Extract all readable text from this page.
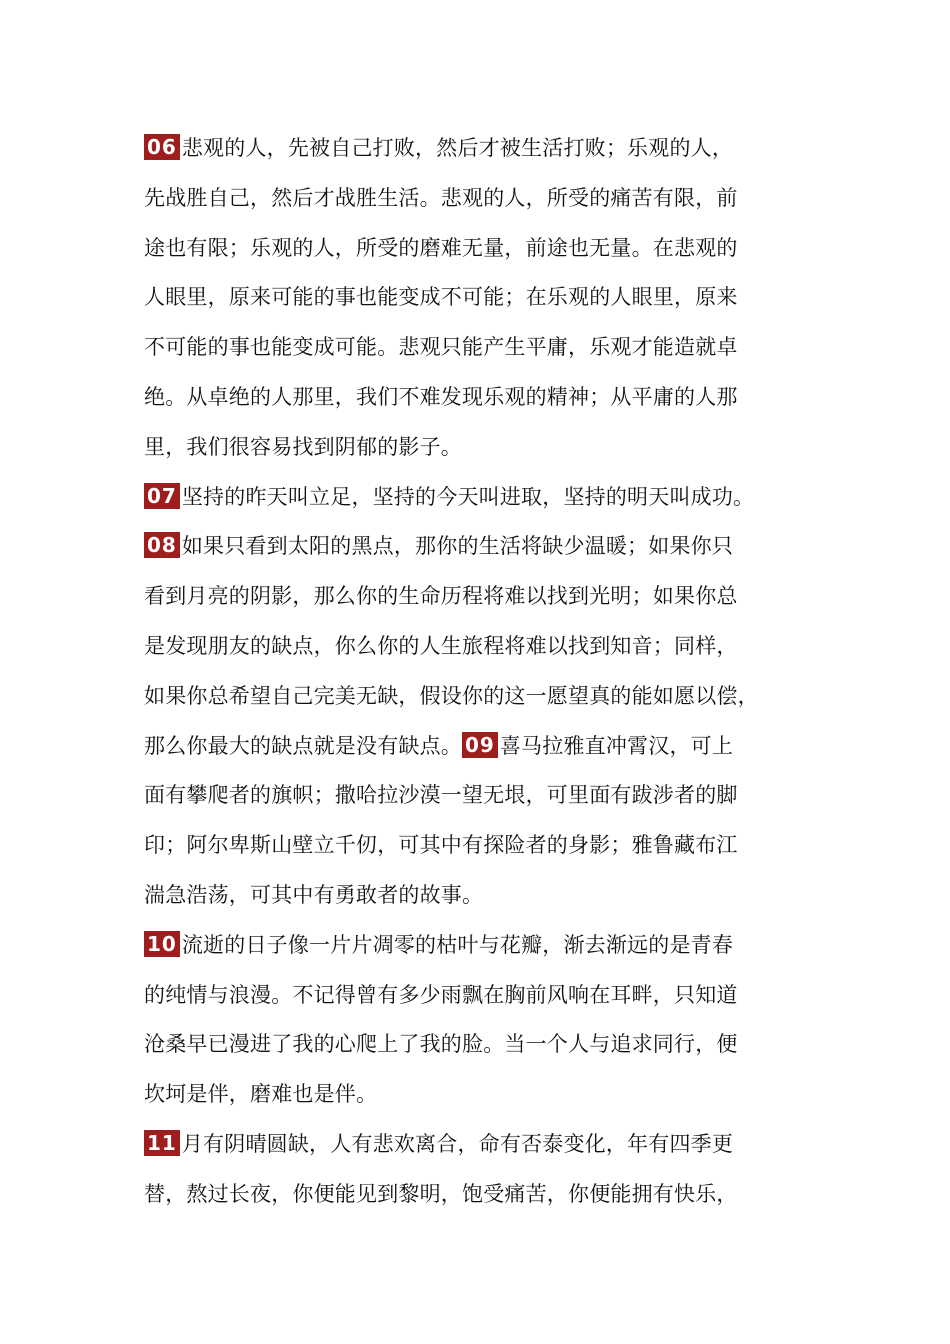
06 悲观的人，先被自己打败，然后才被生活打败；乐观的人，
先战胜自己，然后才战胜生活。悲观的人，所受的痛苦有限，前
途也有限；乐观的人，所受的磨难无量，前途也无量。在悲观的
人眼里，原来可能的事也能变成不可能；在乐观的人眼里，原来
不可能的事也能变成可能。悲观只能产生平庸，乐观才能造就卓
绝。从卓绝的人那里，我们不难发现乐观的精神；从平庸的人那
里，我们很容易找到阴郁的影子。
07 坚持的昨天叫立足，坚持的今天叫进取，坚持的明天叫成功。
08 如果只看到太阳的黑点，那你的生活将缺少温暖；如果你只
看到月亮的阴影，那么你的生命历程将难以找到光明；如果你总
是发现朋友的缺点，你么你的人生旅程将难以找到知音；同样，
如果你总希望自己完美无缺，假设你的这一愿望真的能如愿以偿，
那么你最大的缺点就是没有缺点。 09 喜马拉雅直冲霄汉，可上
面有攀爬者的旗帜；撒哈拉沙漠一望无垠，可里面有跋涉者的脚
印；阿尔卑斯山壁立千仞，可其中有探险者的身影；雅鲁藏布江
湍急浩荡，可其中有勇敢者的故事。
10 流逝的日子像一片片凋零的枯叶与花瓣，渐去渐远的是青春
的纯情与浪漫。不记得曾有多少雨飘在胸前风响在耳畔，只知道
沧桑早已漫进了我的心爬上了我的脸。当一个人与追求同行，便
坎坷是伴，磨难也是伴。
11 月有阴晴圆缺，人有悲欢离合，命有否泰变化，年有四季更
替，熬过长夜，你便能见到黎明，饱受痛苦，你便能拥有快乐，
